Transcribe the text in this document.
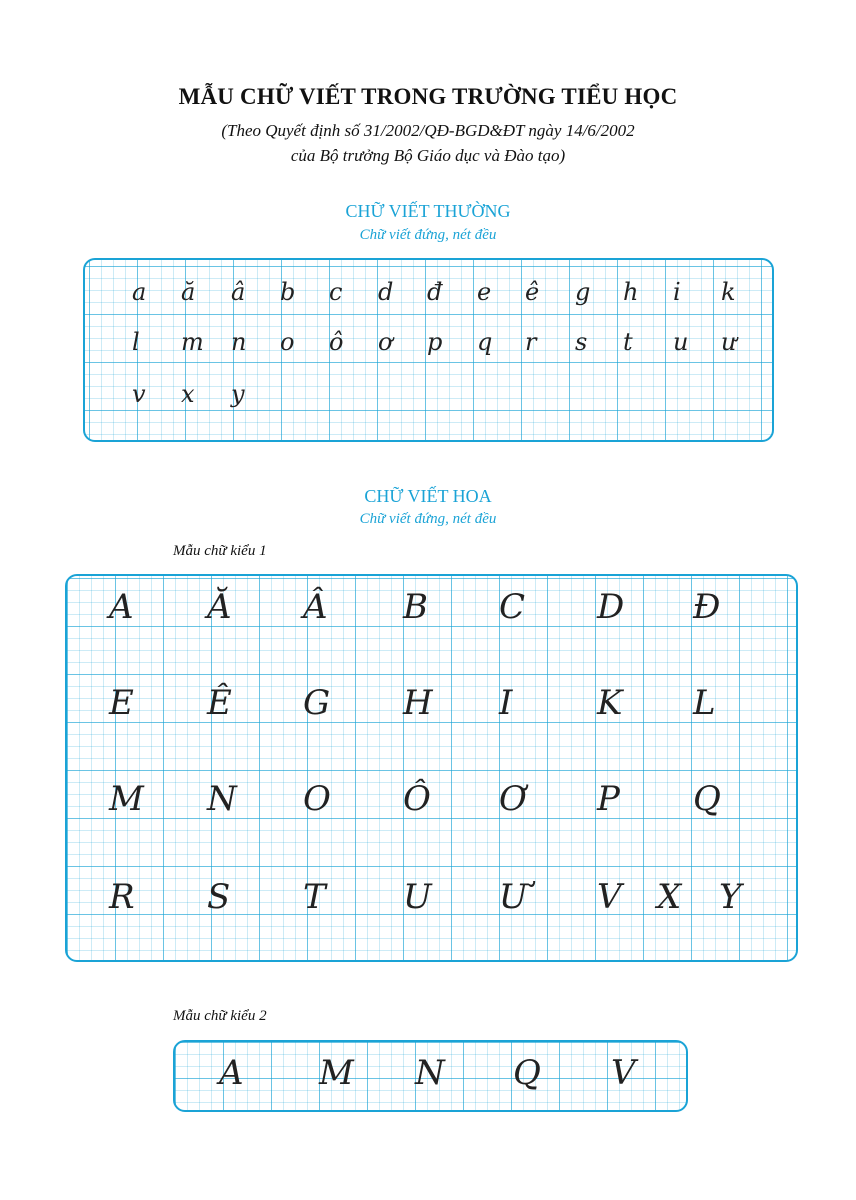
MẪU CHỮ VIẾT TRONG TRƯỜNG TIỂU HỌC
(Theo Quyết định số 31/2002/QĐ-BGD&ĐT ngày 14/6/2002
của Bộ trưởng Bộ Giáo dục và Đào tạo)
CHỮ VIẾT THƯỜNG
Chữ viết đứng, nét đều
a ă â b c d đ e ê g h i k
l m n o ô ơ p q r s t u ư
v x y
CHỮ VIẾT HOA
Chữ viết đứng, nét đều
Mẫu chữ kiểu 1
A Ă Â B C D Đ
E Ê G H I K L
M N O Ô Ơ P Q
R S T U Ư V X Y
Mẫu chữ kiểu 2
A M N Q V
